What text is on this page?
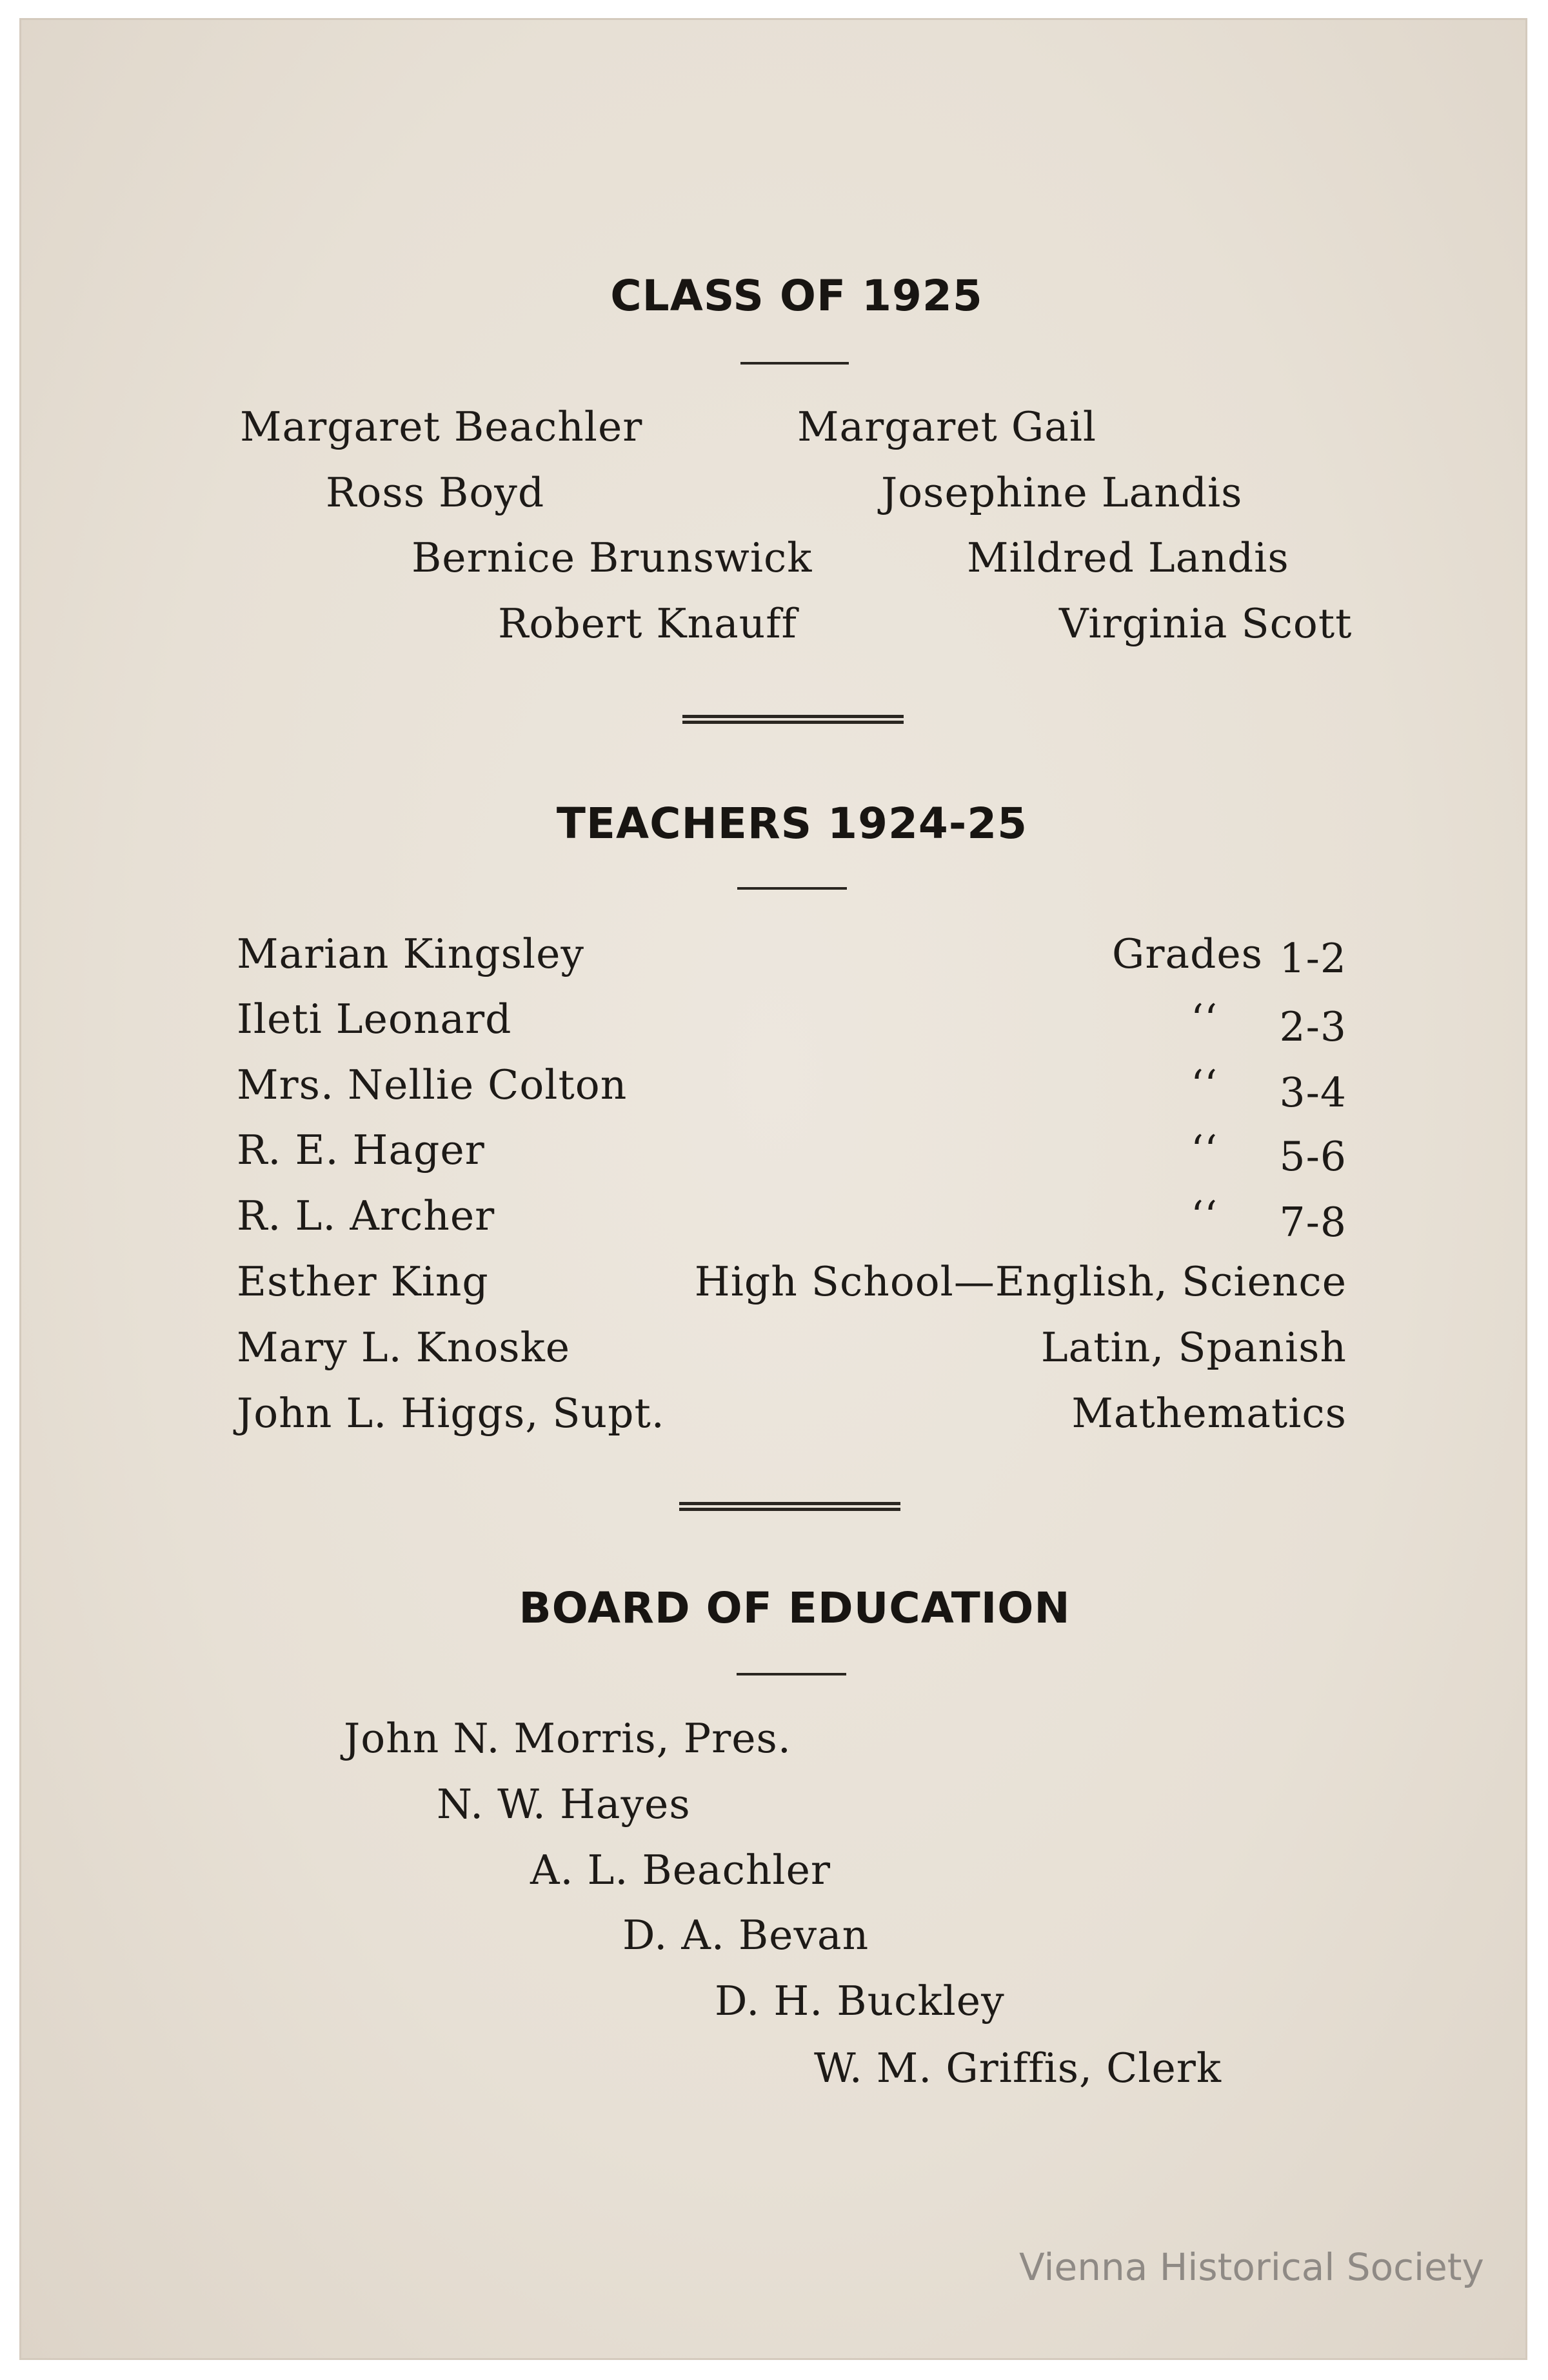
CLASS OF 1925
Margaret Beachler
Ross Boyd
Bernice Brunswick
Robert Knauff
Margaret Gail
Josephine Landis
Mildred Landis
Virginia Scott
TEACHERS 1924-25
Marian Kingsley
Ileti Leonard
Mrs. Nellie Colton
R. E. Hager
R. L. Archer
Esther King
Mary L. Knoske
John L. Higgs, Supt.
Grades
‘‘
‘‘
‘‘
‘‘
1-2
2-3
3-4
5-6
7-8
High School—English, Science
Latin, Spanish
Mathematics
BOARD OF EDUCATION
John N. Morris, Pres.
N. W. Hayes
A. L. Beachler
D. A. Bevan
D. H. Buckley
W. M. Griffis, Clerk
Vienna Historical Society
